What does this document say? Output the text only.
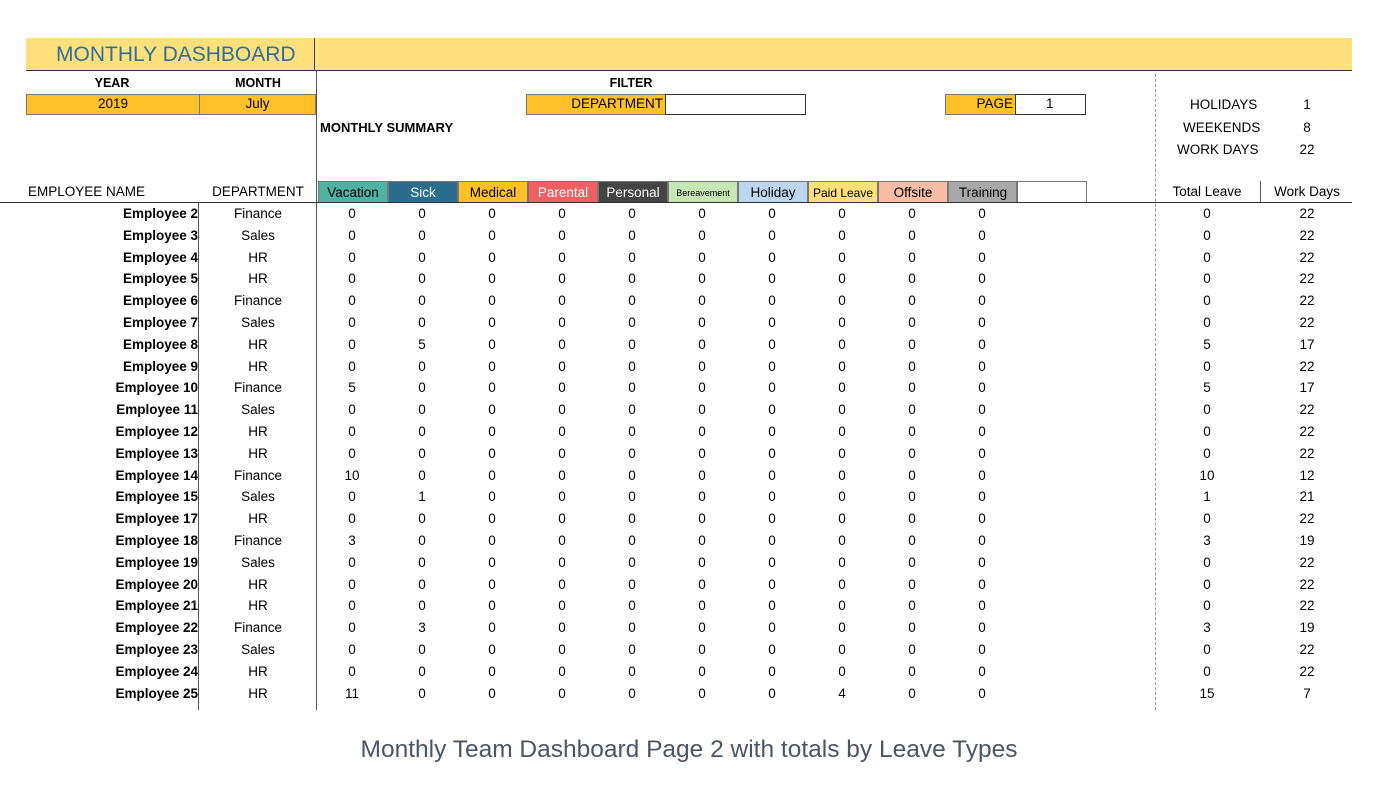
MONTHLY DASHBOARD
YEAR	MONTH
2019	July
FILTER
DEPARTMENT	PAGE	1
MONTHLY SUMMARY
HOLIDAYS	1
WEEKENDS	8
WORK DAYS	22
EMPLOYEE NAME	DEPARTMENT	Total Leave	Work Days
Vacation	Sick	Medical	Parental	Personal	Bereavement	Holiday	Paid Leave	Offsite	Training
Employee 2	Finance	0	0	0	0	0	0	0	0	0	0	0	22
Employee 3	Sales	0	0	0	0	0	0	0	0	0	0	0	22
Employee 4	HR	0	0	0	0	0	0	0	0	0	0	0	22
Employee 5	HR	0	0	0	0	0	0	0	0	0	0	0	22
Employee 6	Finance	0	0	0	0	0	0	0	0	0	0	0	22
Employee 7	Sales	0	0	0	0	0	0	0	0	0	0	0	22
Employee 8	HR	0	5	0	0	0	0	0	0	0	0	5	17
Employee 9	HR	0	0	0	0	0	0	0	0	0	0	0	22
Employee 10	Finance	5	0	0	0	0	0	0	0	0	0	5	17
Employee 11	Sales	0	0	0	0	0	0	0	0	0	0	0	22
Employee 12	HR	0	0	0	0	0	0	0	0	0	0	0	22
Employee 13	HR	0	0	0	0	0	0	0	0	0	0	0	22
Employee 14	Finance	10	0	0	0	0	0	0	0	0	0	10	12
Employee 15	Sales	0	1	0	0	0	0	0	0	0	0	1	21
Employee 17	HR	0	0	0	0	0	0	0	0	0	0	0	22
Employee 18	Finance	3	0	0	0	0	0	0	0	0	0	3	19
Employee 19	Sales	0	0	0	0	0	0	0	0	0	0	0	22
Employee 20	HR	0	0	0	0	0	0	0	0	0	0	0	22
Employee 21	HR	0	0	0	0	0	0	0	0	0	0	0	22
Employee 22	Finance	0	3	0	0	0	0	0	0	0	0	3	19
Employee 23	Sales	0	0	0	0	0	0	0	0	0	0	0	22
Employee 24	HR	0	0	0	0	0	0	0	0	0	0	0	22
Employee 25	HR	11	0	0	0	0	0	0	4	0	0	15	7
Monthly Team Dashboard Page 2 with totals by Leave Types
